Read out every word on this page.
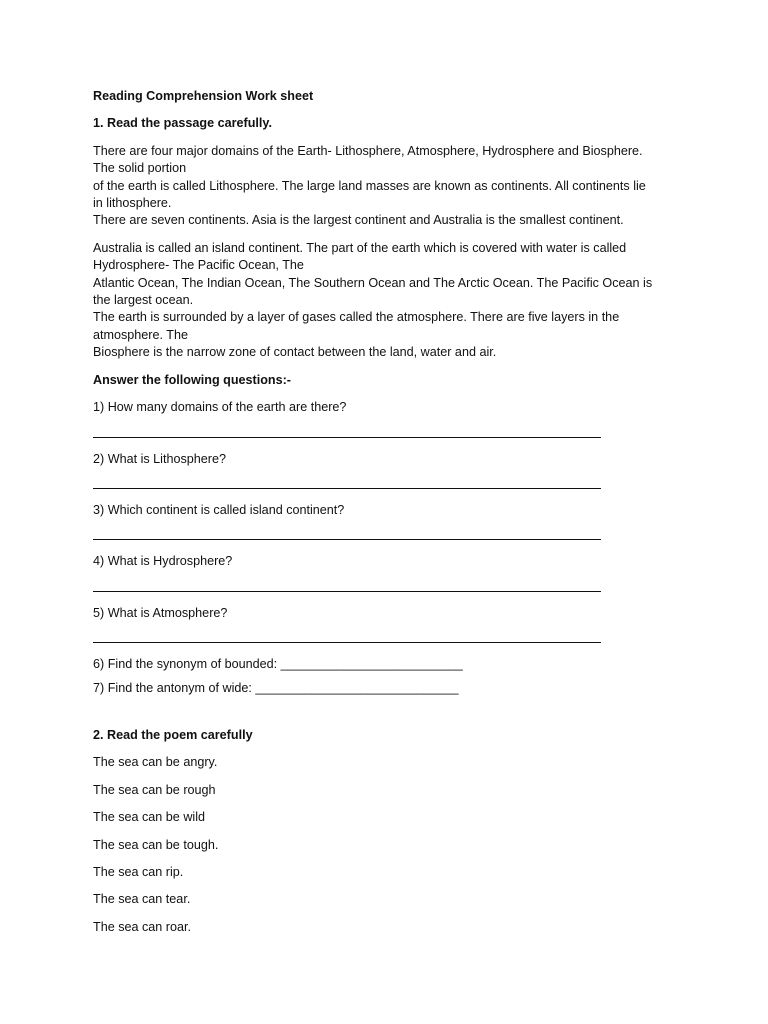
Reading Comprehension Work sheet

1. Read the passage carefully.

There are four major domains of the Earth- Lithosphere, Atmosphere, Hydrosphere and Biosphere.

The solid portion

of the earth is called Lithosphere. The large land masses are known as continents. All continents lie

in lithosphere.

There are seven continents. Asia is the largest continent and Australia is the smallest continent.

Australia is called an island continent. The part of the earth which is covered with water is called

Hydrosphere- The Pacific Ocean, The

Atlantic Ocean, The Indian Ocean, The Southern Ocean and The Arctic Ocean. The Pacific Ocean is

the largest ocean.

The earth is surrounded by a layer of gases called the atmosphere. There are five layers in the

atmosphere. The

Biosphere is the narrow zone of contact between the land, water and air.

Answer the following questions:-

1) How many domains of the earth are there?

2) What is Lithosphere?

3) Which continent is called island continent?

4) What is Hydrosphere?

5) What is Atmosphere?

6) Find the synonym of bounded: __________________________

7) Find the antonym of wide: _____________________________

2. Read the poem carefully

The sea can be angry.

The sea can be rough

The sea can be wild

The sea can be tough.

The sea can rip.

The sea can tear.

The sea can roar.
